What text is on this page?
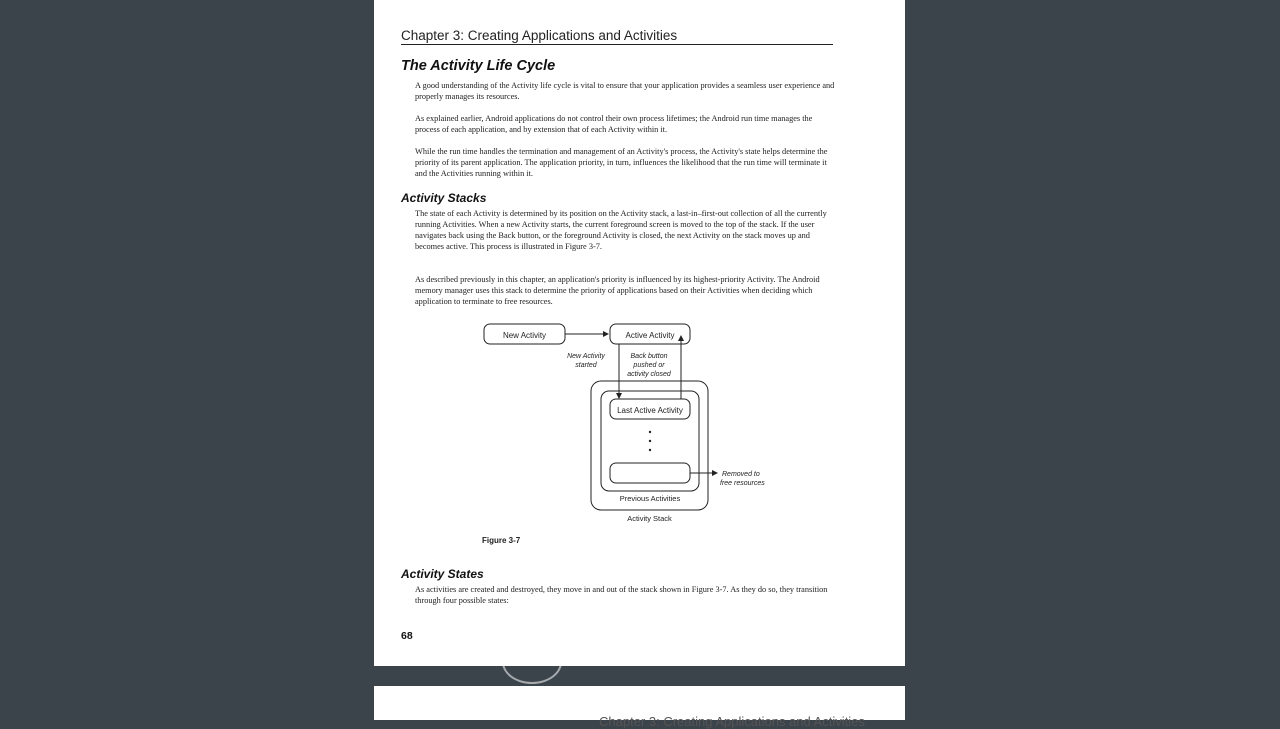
Chapter 3: Creating Applications and Activities
The Activity Life Cycle

A good understanding of the Activity life cycle is vital to ensure that your application provides a seamless user experience and properly manages its resources.

As explained earlier, Android applications do not control their own process lifetimes; the Android run time manages the process of each application, and by extension that of each Activity within it.

While the run time handles the termination and management of an Activity's process, the Activity's state helps determine the priority of its parent application. The application priority, in turn, influences the likelihood that the run time will terminate it and the Activities running within it.

Activity Stacks

The state of each Activity is determined by its position on the Activity stack, a last-in–first-out collection of all the currently running Activities. When a new Activity starts, the current foreground screen is moved to the top of the stack. If the user navigates back using the Back button, or the foreground Activity is closed, the next Activity on the stack moves up and becomes active. This process is illustrated in Figure 3-7.

As described previously in this chapter, an application's priority is influenced by its highest-priority Activity. The Android memory manager uses this stack to determine the priority of applications based on their Activities when deciding which application to terminate to free resources.

New Activity	Active Activity
New Activity
started
Back button
pushed or
activity closed
Last Active Activity
Removed to
free resources
Previous Activities
Activity Stack
Figure 3-7
Activity States

As activities are created and destroyed, they move in and out of the stack shown in Figure 3-7. As they do so, they transition through four possible states:

68
Chapter 3: Creating Applications and Activities
